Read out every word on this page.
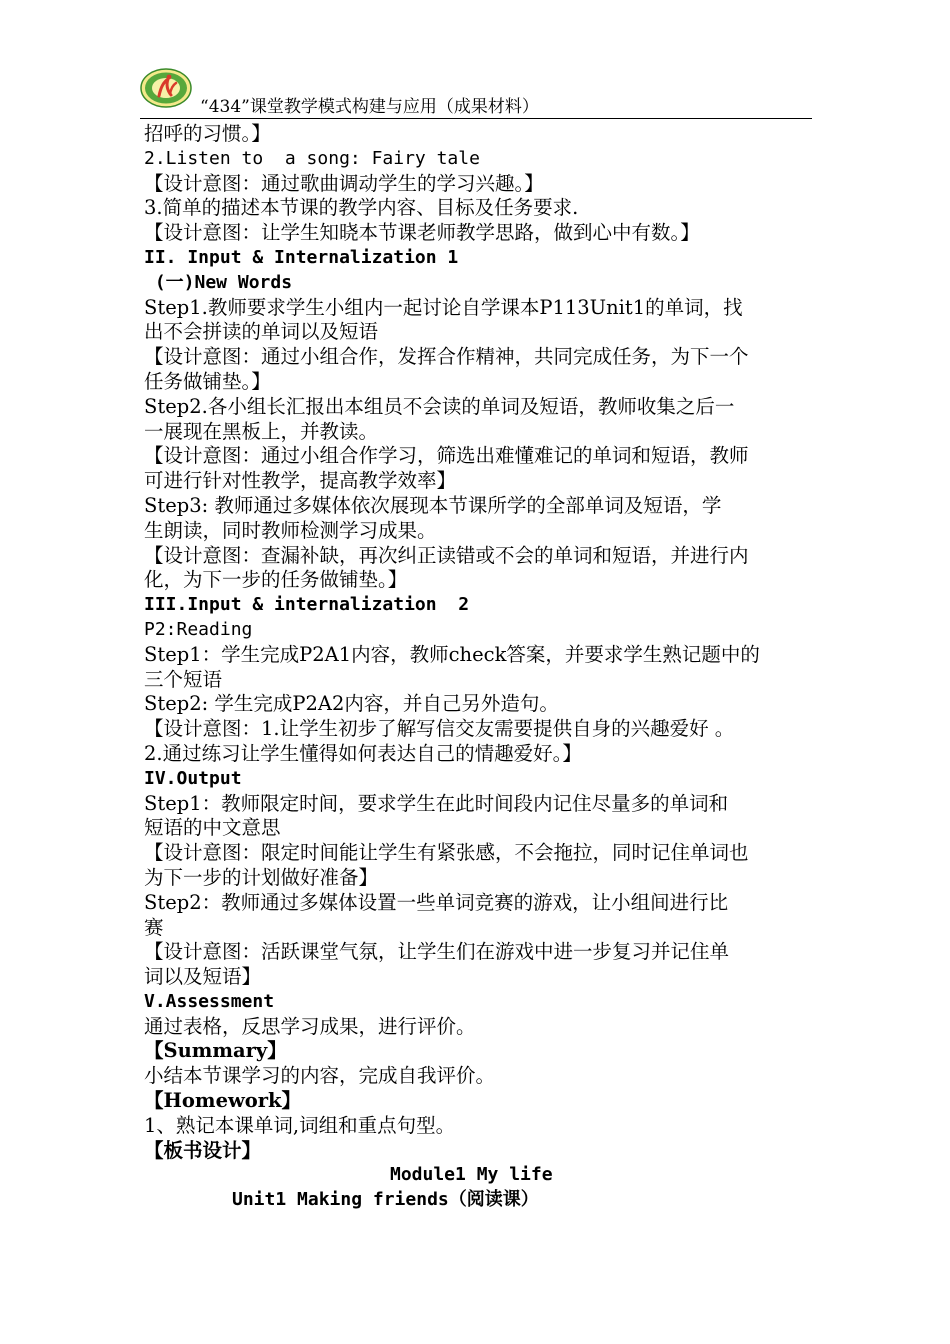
“434”课堂教学模式构建与应用（成果材料）
招呼的习惯。】
2.Listen to  a song: Fairy tale
【设计意图：通过歌曲调动学生的学习兴趣。】
3.简单的描述本节课的教学内容、目标及任务要求.
【设计意图：让学生知晓本节课老师教学思路，做到心中有数。】
II. Input & Internalization 1
(一)New Words
Step1.教师要求学生小组内一起讨论自学课本P113Unit1的单词，找
出不会拼读的单词以及短语
【设计意图：通过小组合作，发挥合作精神，共同完成任务，为下一个
任务做铺垫。】
Step2.各小组长汇报出本组员不会读的单词及短语，教师收集之后一
一展现在黑板上，并教读。
【设计意图：通过小组合作学习，筛选出难懂难记的单词和短语，教师
可进行针对性教学，提高教学效率】
Step3: 教师通过多媒体依次展现本节课所学的全部单词及短语，学
生朗读，同时教师检测学习成果。
【设计意图：查漏补缺，再次纠正读错或不会的单词和短语，并进行内
化，为下一步的任务做铺垫。】
III.Input & internalization  2
P2:Reading
Step1：学生完成P2A1内容，教师check答案，并要求学生熟记题中的
三个短语
Step2: 学生完成P2A2内容，并自己另外造句。
【设计意图：1.让学生初步了解写信交友需要提供自身的兴趣爱好 。
2.通过练习让学生懂得如何表达自己的情趣爱好。】
IV.Output
Step1：教师限定时间，要求学生在此时间段内记住尽量多的单词和
短语的中文意思
【设计意图：限定时间能让学生有紧张感，不会拖拉，同时记住单词也
为下一步的计划做好准备】
Step2：教师通过多媒体设置一些单词竞赛的游戏，让小组间进行比
赛
【设计意图：活跃课堂气氛，让学生们在游戏中进一步复习并记住单
词以及短语】
V.Assessment
通过表格，反思学习成果，进行评价。
【Summary】
小结本节课学习的内容，完成自我评价。
【Homework】
1、熟记本课单词,词组和重点句型。
【板书设计】
Module1 My life
Unit1 Making friends（阅读课）
